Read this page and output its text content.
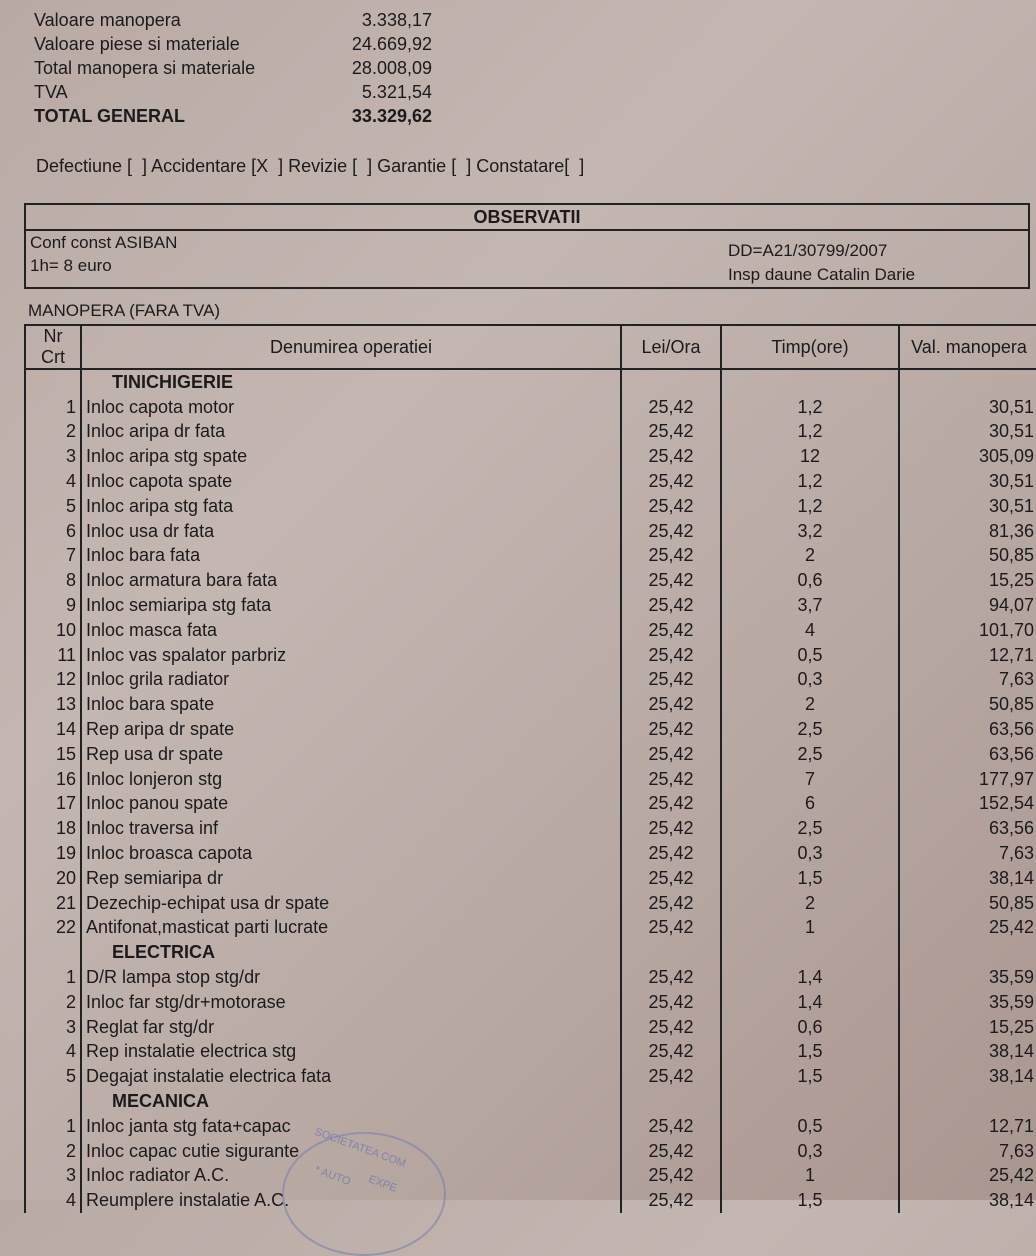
Valoare manopera	3.338,17
Valoare piese si materiale	24.669,92
Total manopera si materiale	28.008,09
TVA	5.321,54
TOTAL GENERAL	33.329,62
Defectiune [  ] Accidentare [X  ] Revizie [  ] Garantie [  ] Constatare[  ]
OBSERVATII
Conf const ASIBAN
1h= 8 euro
DD=A21/30799/2007
Insp daune Catalin Darie
MANOPERA (FARA TVA)
Nr Crt	Denumirea operatiei	Lei/Ora	Timp(ore)	Val. manopera
	TINICHIGERIE			
1	Inloc capota motor	25,42	1,2	30,51
2	Inloc aripa dr fata	25,42	1,2	30,51
3	Inloc aripa stg spate	25,42	12	305,09
4	Inloc capota spate	25,42	1,2	30,51
5	Inloc aripa stg fata	25,42	1,2	30,51
6	Inloc usa dr fata	25,42	3,2	81,36
7	Inloc bara fata	25,42	2	50,85
8	Inloc armatura bara fata	25,42	0,6	15,25
9	Inloc semiaripa stg fata	25,42	3,7	94,07
10	Inloc masca fata	25,42	4	101,70
11	Inloc vas spalator parbriz	25,42	0,5	12,71
12	Inloc grila radiator	25,42	0,3	7,63
13	Inloc bara spate	25,42	2	50,85
14	Rep aripa dr spate	25,42	2,5	63,56
15	Rep usa dr spate	25,42	2,5	63,56
16	Inloc lonjeron stg	25,42	7	177,97
17	Inloc panou spate	25,42	6	152,54
18	Inloc traversa inf	25,42	2,5	63,56
19	Inloc broasca capota	25,42	0,3	7,63
20	Rep semiaripa dr	25,42	1,5	38,14
21	Dezechip-echipat usa dr spate	25,42	2	50,85
22	Antifonat,masticat parti lucrate	25,42	1	25,42
	ELECTRICA			
1	D/R lampa stop stg/dr	25,42	1,4	35,59
2	Inloc far stg/dr+motorase	25,42	1,4	35,59
3	Reglat far stg/dr	25,42	0,6	15,25
4	Rep instalatie electrica stg	25,42	1,5	38,14
5	Degajat instalatie electrica fata	25,42	1,5	38,14
	MECANICA			
1	Inloc janta stg fata+capac	25,42	0,5	12,71
2	Inloc capac cutie sigurante	25,42	0,3	7,63
3	Inloc radiator A.C.	25,42	1	25,42
4	Reumplere instalatie A.C.	25,42	1,5	38,14
SOCIETATEA COM
* AUTO EXPE
